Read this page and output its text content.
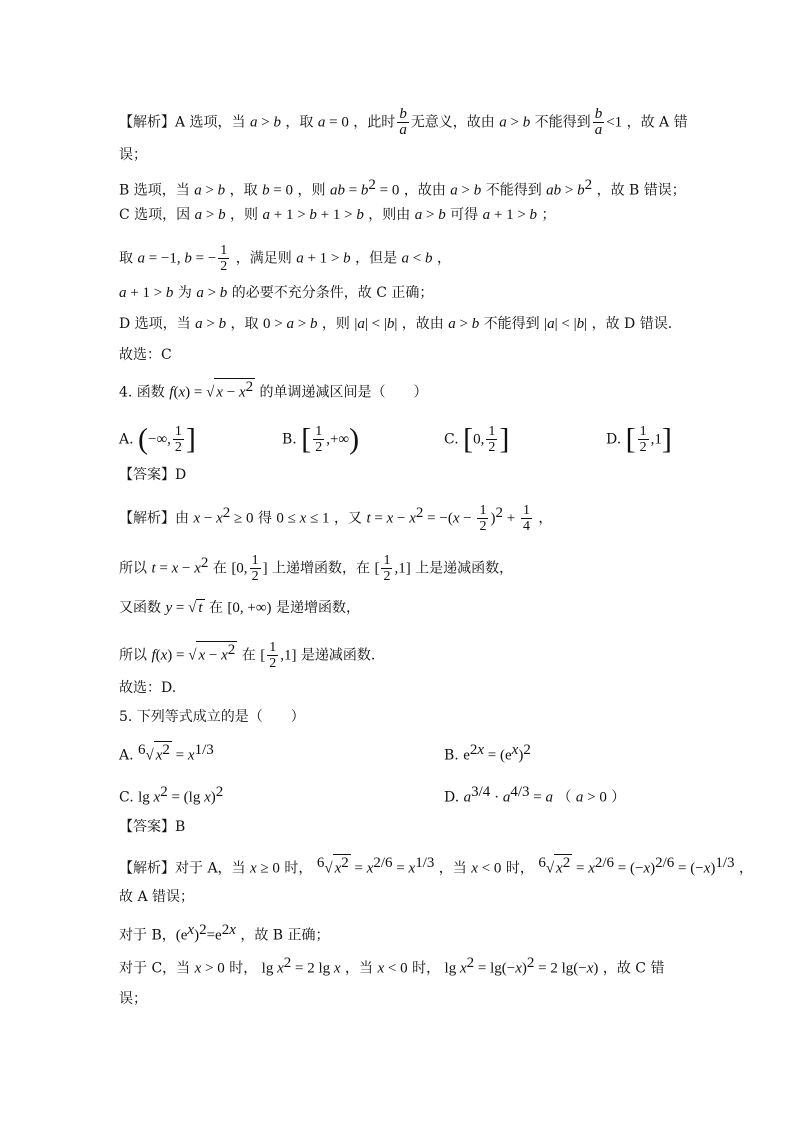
【解析】A 选项，当 a > b ，取 a = 0 ，此时 $\frac{b}{a}$ 无意义，故由 a > b 不能得到 $\frac{b}{a} <1$ ，故 A 错
误；
B 选项，当 a > b ，取 b = 0 ，则 ab = $b^2 = 0$ ，故由 a > b 不能得到 ab > $b^2$ ，故 B 错误；
C 选项，因 a > b ，则 a + 1 > b + 1 > b ，则由 a > b 可得 a + 1 > b ；
取 a = −1, b = − $\frac{1}{2}$ ，满足则 a + 1 > b ，但是 a < b ，
a + 1 > b 为 a > b 的必要不充分条件，故 C 正确；
D 选项，当 a > b ，取 0 > a > b ，则 |a| < |b| ，故由 a > b 不能得到 |a| < |b| ，故 D 错误.
故选：C
4. 函数 f(x) = √ $x - x^2$ 的单调递减区间是（　　）
A. (−∞, $\frac{1}{2}$ ]	B. [ $\frac{1}{2}$ ,+∞)	C. [0, $\frac{1}{2}$ ]	D. [ $\frac{1}{2} ,1$]
【答案】D
【解析】由 $x - x^2 \ge 0$ 得 0 ≤ x ≤ 1 ，又 $t = x - x^2 = -(x - \frac{1}{2} )^2 + \frac{1}{4}$ ，
所以 $t = x - x^2$ 在 [0, $\frac{1}{2}$ ] 上递增函数，在 [ $\frac{1}{2} ,1$] 上是递减函数，
又函数 y = √ t 在 [0, +∞) 是递增函数，
所以 f(x) = √ $x - x^2$ 在 [ $\frac{1}{2} ,1$] 是递减函数.
故选：D.
5. 下列等式成立的是（　　）
A. $^6$√ $x^2 = x^{1/3}$	B. $e^{2x} = (e^x)^2$
C. $\lg x^2 = (\lg$ x)$^2$	D. $a^{3/4} \cdot a^{4/3} = a$ （ a > 0 ）
【答案】B
【解析】对于 A，当 x ≥ 0 时， $^6$√ $x^2 = x^{2/6} = x^{1/3}$ ，当 x < 0 时， $^6$√ $x^2 = x^{2/6} = (-x)^{2/6} = (-x)^{1/3}$ ，
故 A 错误；
对于 B，$(e^x)^2=e^{2x}$ ，故 B 正确；
对于 C，当 x > 0 时， $\lg x^2 = 2$ lg x ，当 x < 0 时， $\lg x^2 = \lg(-x)^2 = 2$ lg(−x) ，故 C 错
误；
